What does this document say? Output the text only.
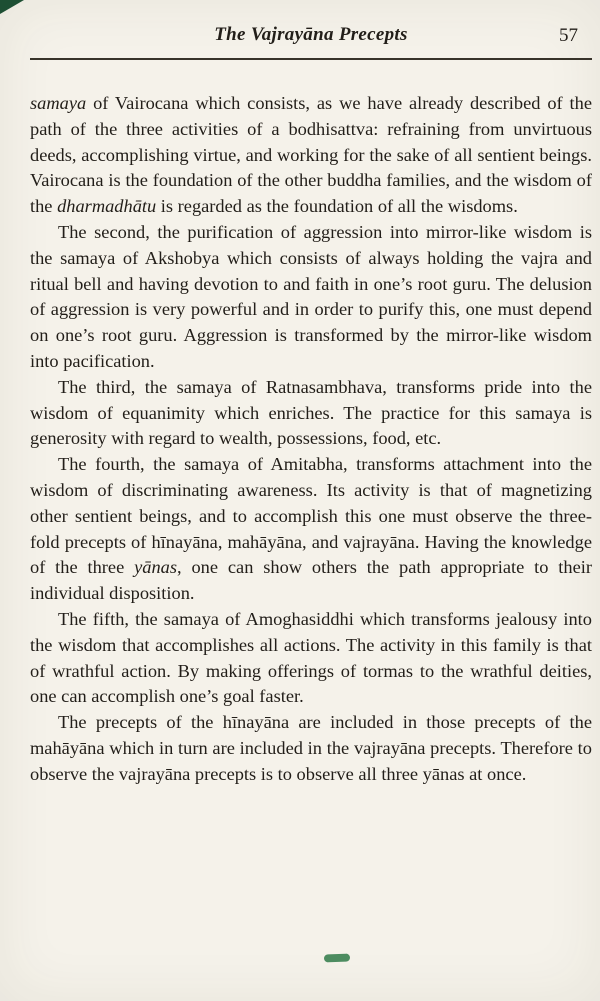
The Vajrayāna Precepts	57

samaya of Vairocana which consists, as we have already described of the path of the three activities of a bodhisattva: refraining from unvirtuous deeds, accomplishing virtue, and working for the sake of all sentient beings. Vairocana is the foundation of the other buddha families, and the wisdom of the dharmadhātu is regarded as the foundation of all the wisdoms.

The second, the purification of aggression into mirror-like wisdom is the samaya of Akshobya which consists of always holding the vajra and ritual bell and having devotion to and faith in one’s root guru. The delusion of aggression is very powerful and in order to purify this, one must depend on one’s root guru. Aggression is transformed by the mirror-like wisdom into pacification.

The third, the samaya of Ratnasambhava, transforms pride into the wisdom of equanimity which enriches. The practice for this samaya is generosity with regard to wealth, possessions, food, etc.

The fourth, the samaya of Amitabha, transforms attachment into the wisdom of discriminating awareness. Its activity is that of magnetizing other sentient beings, and to accomplish this one must observe the three-fold precepts of hīnayāna, mahāyāna, and vajrayāna. Having the knowledge of the three yānas, one can show others the path appropriate to their individual disposition.

The fifth, the samaya of Amoghasiddhi which transforms jealousy into the wisdom that accomplishes all actions. The activity in this family is that of wrathful action. By making offerings of tormas to the wrathful deities, one can accomplish one’s goal faster.

The precepts of the hīnayāna are included in those precepts of the mahāyāna which in turn are included in the vajrayāna precepts. Therefore to observe the vajrayāna precepts is to observe all three yānas at once.
